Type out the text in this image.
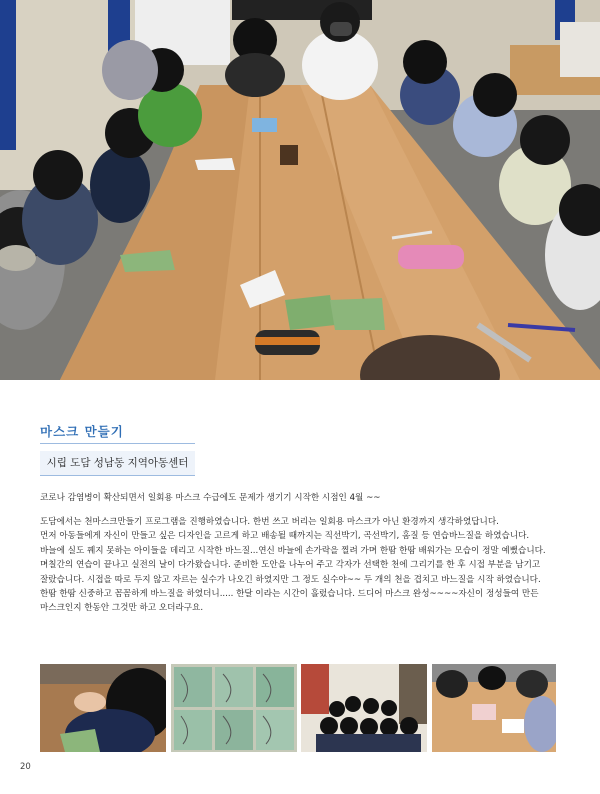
마스크 만들기
시립 도담 성남동 지역아동센터
코로나 감염병이 확산되면서 일회용 마스크 수급에도 문제가 생기기 시작한 시점인 4월 ~~

도담에서는 천마스크만들기 프로그램을 진행하였습니다. 한번 쓰고 버리는 일회용 마스크가 아닌 환경까지 생각하였답니다.

먼저 아동들에게 자신이 만들고 싶은 디자인을 고르게 하고 배송될 때까지는 직선박기, 곡선박기, 홈질 등 연습바느질을 하였습니다.

바늘에 실도 꿰지 못하는 아이들을 데리고 시작한 바느질...연신 바늘에 손가락을 찔려 가며 한땀 한땀 배워가는 모습이 정말 예뻤습니다.

며칠간의 연습이 끝나고 실전의 날이 다가왔습니다. 준비한 도안을 나누어 주고 각자가 선택한 천에 그리기를 한 후 시접 부분을 남기고

잘랐습니다. 시접을 따로 두지 않고 자르는 실수가 나오긴 하였지만 그 정도 실수야~~ 두 개의 천을 겹치고 바느질을 시작 하였습니다.

한땀 한땀 신중하고 꼼꼼하게 바느질을 하였더니..... 한달 이라는 시간이 흘렀습니다. 드디어 마스크 완성~~~~자신이 정성들여 만든

마스크인지 한동안 그것만 하고 오더라구요.

20
